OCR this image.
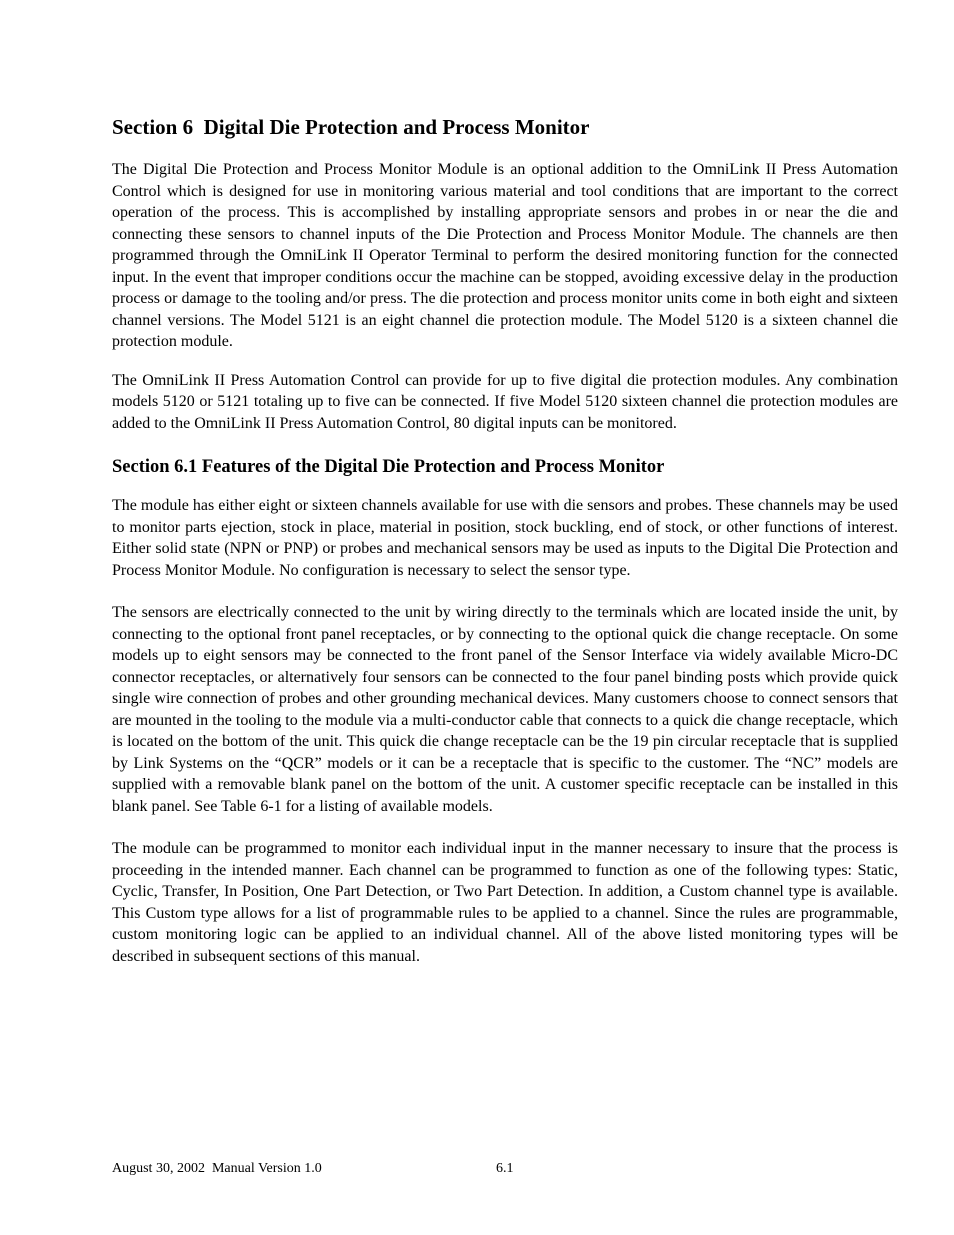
Section 6  Digital Die Protection and Process Monitor

The Digital Die Protection and Process Monitor Module is an optional addition to the OmniLink II Press Automation Control which is designed for use in monitoring various material and tool conditions that are important to the correct operation of the process. This is accomplished by installing appropriate sensors and probes in or near the die and connecting these sensors to channel inputs of the Die Protection and Process Monitor Module. The channels are then programmed through the OmniLink II Operator Terminal to perform the desired monitoring function for the connected input. In the event that improper conditions occur the machine can be stopped, avoiding excessive delay in the production process or damage to the tooling and/or press. The die protection and process monitor units come in both eight and sixteen channel versions. The Model 5121 is an eight channel die protection module. The Model 5120 is a sixteen channel die protection module.

The OmniLink II Press Automation Control can provide for up to five digital die protection modules. Any combination models 5120 or 5121 totaling up to five can be connected. If five Model 5120 sixteen channel die protection modules are added to the OmniLink II Press Automation Control, 80 digital inputs can be monitored.

Section 6.1 Features of the Digital Die Protection and Process Monitor

The module has either eight or sixteen channels available for use with die sensors and probes. These channels may be used to monitor parts ejection, stock in place, material in position, stock buckling, end of stock, or other functions of interest. Either solid state (NPN or PNP) or probes and mechanical sensors may be used as inputs to the Digital Die Protection and Process Monitor Module. No configuration is necessary to select the sensor type.

The sensors are electrically connected to the unit by wiring directly to the terminals which are located inside the unit, by connecting to the optional front panel receptacles, or by connecting to the optional quick die change receptacle. On some models up to eight sensors may be connected to the front panel of the Sensor Interface via widely available Micro-DC connector receptacles, or alternatively four sensors can be connected to the four panel binding posts which provide quick single wire connection of probes and other grounding mechanical devices. Many customers choose to connect sensors that are mounted in the tooling to the module via a multi-conductor cable that connects to a quick die change receptacle, which is located on the bottom of the unit. This quick die change receptacle can be the 19 pin circular receptacle that is supplied by Link Systems on the “QCR” models or it can be a receptacle that is specific to the customer. The “NC” models are supplied with a removable blank panel on the bottom of the unit. A customer specific receptacle can be installed in this blank panel. See Table 6-1 for a listing of available models.

The module can be programmed to monitor each individual input in the manner necessary to insure that the process is proceeding in the intended manner. Each channel can be programmed to function as one of the following types: Static, Cyclic, Transfer, In Position, One Part Detection, or Two Part Detection. In addition, a Custom channel type is available. This Custom type allows for a list of programmable rules to be applied to a channel. Since the rules are programmable, custom monitoring logic can be applied to an individual channel. All of the above listed monitoring types will be described in subsequent sections of this manual.

August 30, 2002  Manual Version 1.0	6.1
